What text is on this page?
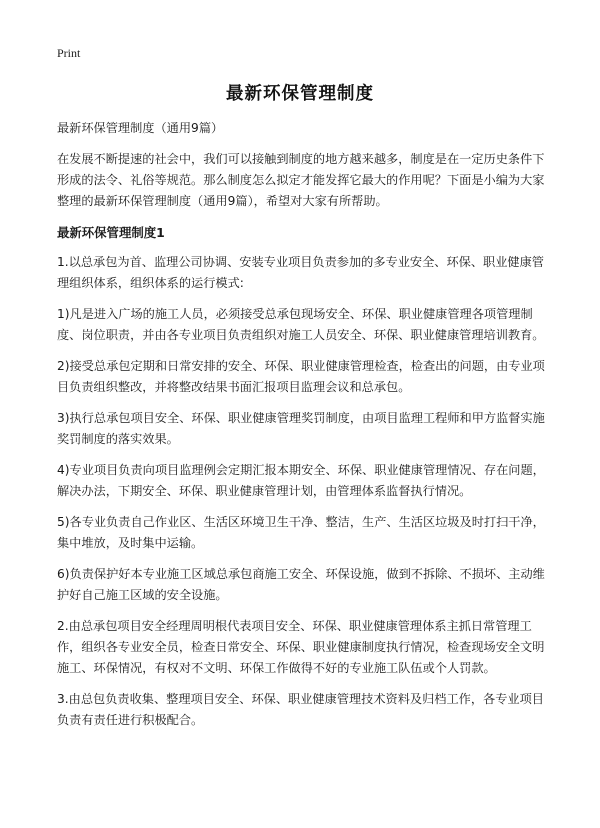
Print
最新环保管理制度

最新环保管理制度（通用9篇）

在发展不断提速的社会中，我们可以接触到制度的地方越来越多，制度是在一定历史条件下形成的法令、礼俗等规范。那么制度怎么拟定才能发挥它最大的作用呢？下面是小编为大家整理的最新环保管理制度（通用9篇），希望对大家有所帮助。

最新环保管理制度1

1.以总承包为首、监理公司协调、安装专业项目负责参加的多专业安全、环保、职业健康管理组织体系，组织体系的运行模式:

1)凡是进入广场的施工人员，必须接受总承包现场安全、环保、职业健康管理各项管理制度、岗位职责，并由各专业项目负责组织对施工人员安全、环保、职业健康管理培训教育。

2)接受总承包定期和日常安排的安全、环保、职业健康管理检查，检查出的问题，由专业项目负责组织整改，并将整改结果书面汇报项目监理会议和总承包。

3)执行总承包项目安全、环保、职业健康管理奖罚制度，由项目监理工程师和甲方监督实施奖罚制度的落实效果。

4)专业项目负责向项目监理例会定期汇报本期安全、环保、职业健康管理情况、存在问题，解决办法，下期安全、环保、职业健康管理计划，由管理体系监督执行情况。

5)各专业负责自己作业区、生活区环境卫生干净、整洁，生产、生活区垃圾及时打扫干净，集中堆放，及时集中运输。

6)负责保护好本专业施工区域总承包商施工安全、环保设施，做到不拆除、不损坏、主动维护好自己施工区域的安全设施。

2.由总承包项目安全经理周明根代表项目安全、环保、职业健康管理体系主抓日常管理工作，组织各专业安全员，检查日常安全、环保、职业健康制度执行情况，检查现场安全文明施工、环保情况，有权对不文明、环保工作做得不好的专业施工队伍或个人罚款。

3.由总包负责收集、整理项目安全、环保、职业健康管理技术资料及归档工作，各专业项目负责有责任进行积极配合。
